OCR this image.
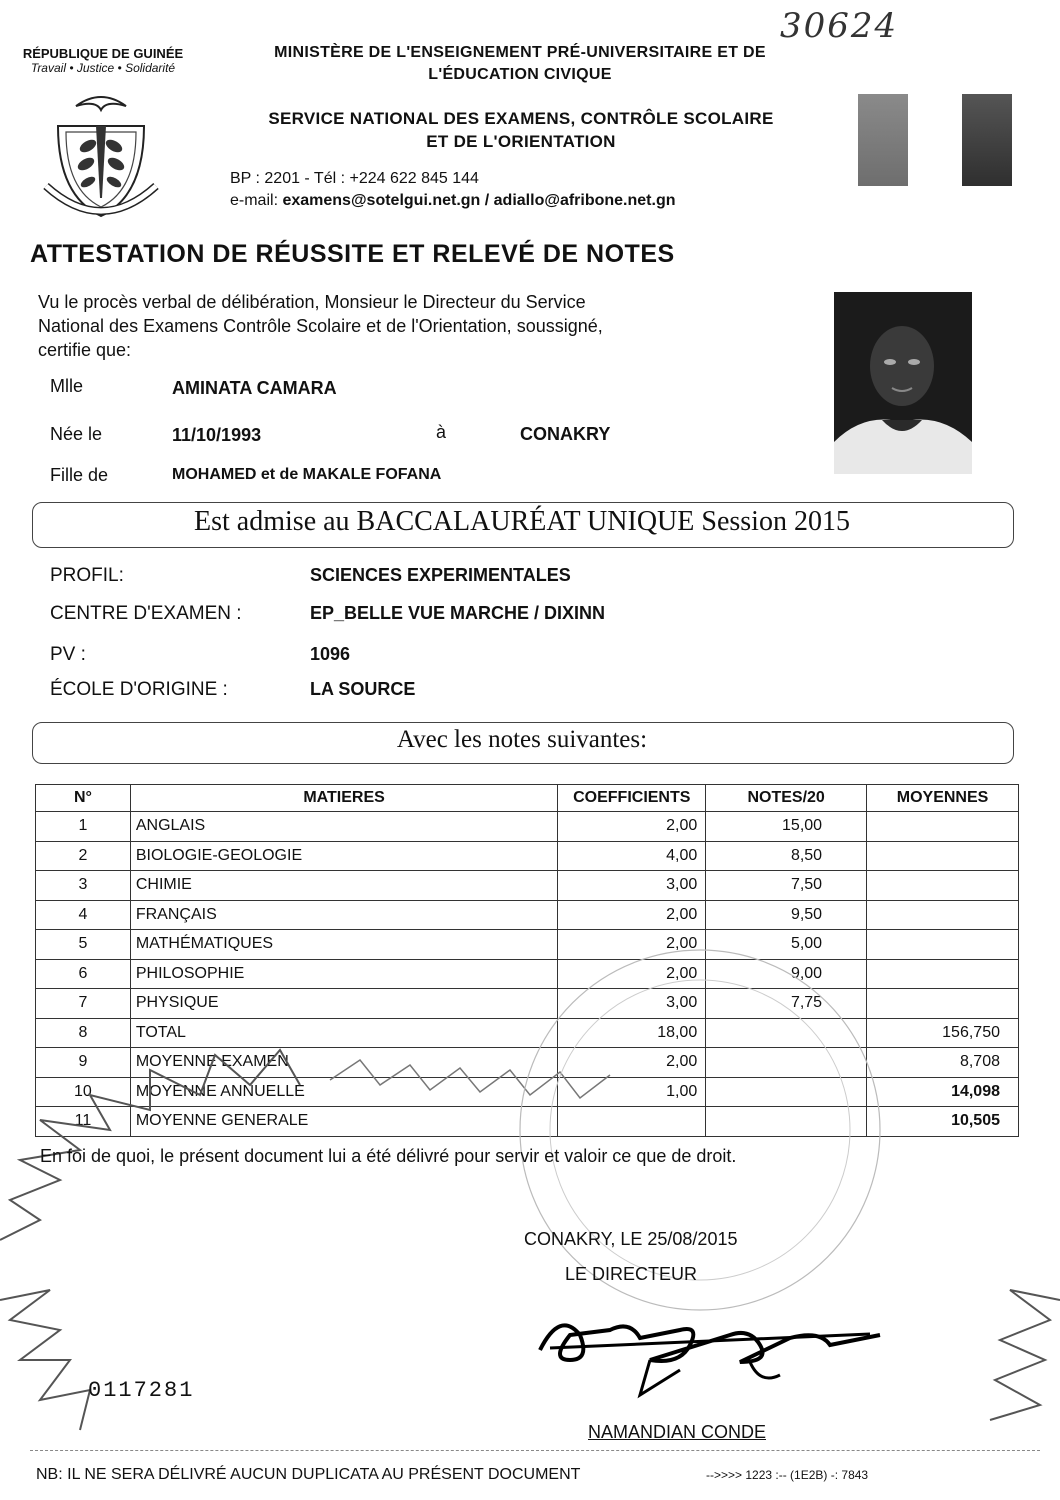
30624
RÉPUBLIQUE DE GUINÉE
Travail • Justice • Solidarité
MINISTÈRE DE L'ENSEIGNEMENT PRÉ-UNIVERSITAIRE ET DE
L'ÉDUCATION CIVIQUE
SERVICE NATIONAL DES EXAMENS, CONTRÔLE SCOLAIRE
ET DE L'ORIENTATION
BP : 2201 - Tél : +224 622 845 144
e-mail: examens@sotelgui.net.gn / adiallo@afribone.net.gn
ATTESTATION DE RÉUSSITE ET RELEVÉ DE NOTES
Vu le procès verbal de délibération, Monsieur le Directeur du Service
National des Examens Contrôle Scolaire et de l'Orientation, soussigné,
certifie que:
Mlle	AMINATA CAMARA
Née le	11/10/1993	à	CONAKRY
Fille de	MOHAMED et de MAKALE FOFANA
Est admise au BACCALAURÉAT UNIQUE Session 2015
PROFIL:	SCIENCES EXPERIMENTALES
CENTRE D'EXAMEN :	EP_BELLE VUE MARCHE / DIXINN
PV :	1096
ÉCOLE D'ORIGINE :	LA SOURCE
Avec les notes suivantes:
N°	MATIERES	COEFFICIENTS	NOTES/20	MOYENNES
1	ANGLAIS	2,00	15,00	
2	BIOLOGIE-GEOLOGIE	4,00	8,50	
3	CHIMIE	3,00	7,50	
4	FRANÇAIS	2,00	9,50	
5	MATHÉMATIQUES	2,00	5,00	
6	PHILOSOPHIE	2,00	9,00	
7	PHYSIQUE	3,00	7,75	
8	TOTAL	18,00		156,750
9	MOYENNE EXAMEN	2,00		8,708
10	MOYENNE ANNUELLE	1,00		14,098
11	MOYENNE GENERALE			10,505
En foi de quoi, le présent document lui a été délivré pour servir et valoir ce que de droit.
CONAKRY, LE 25/08/2015
LE DIRECTEUR
0117281
NAMANDIAN CONDE
NB: IL NE SERA DÉLIVRÉ AUCUN DUPLICATA AU PRÉSENT DOCUMENT	-->>>> 1223 :-- (1E2B) -: 7843
